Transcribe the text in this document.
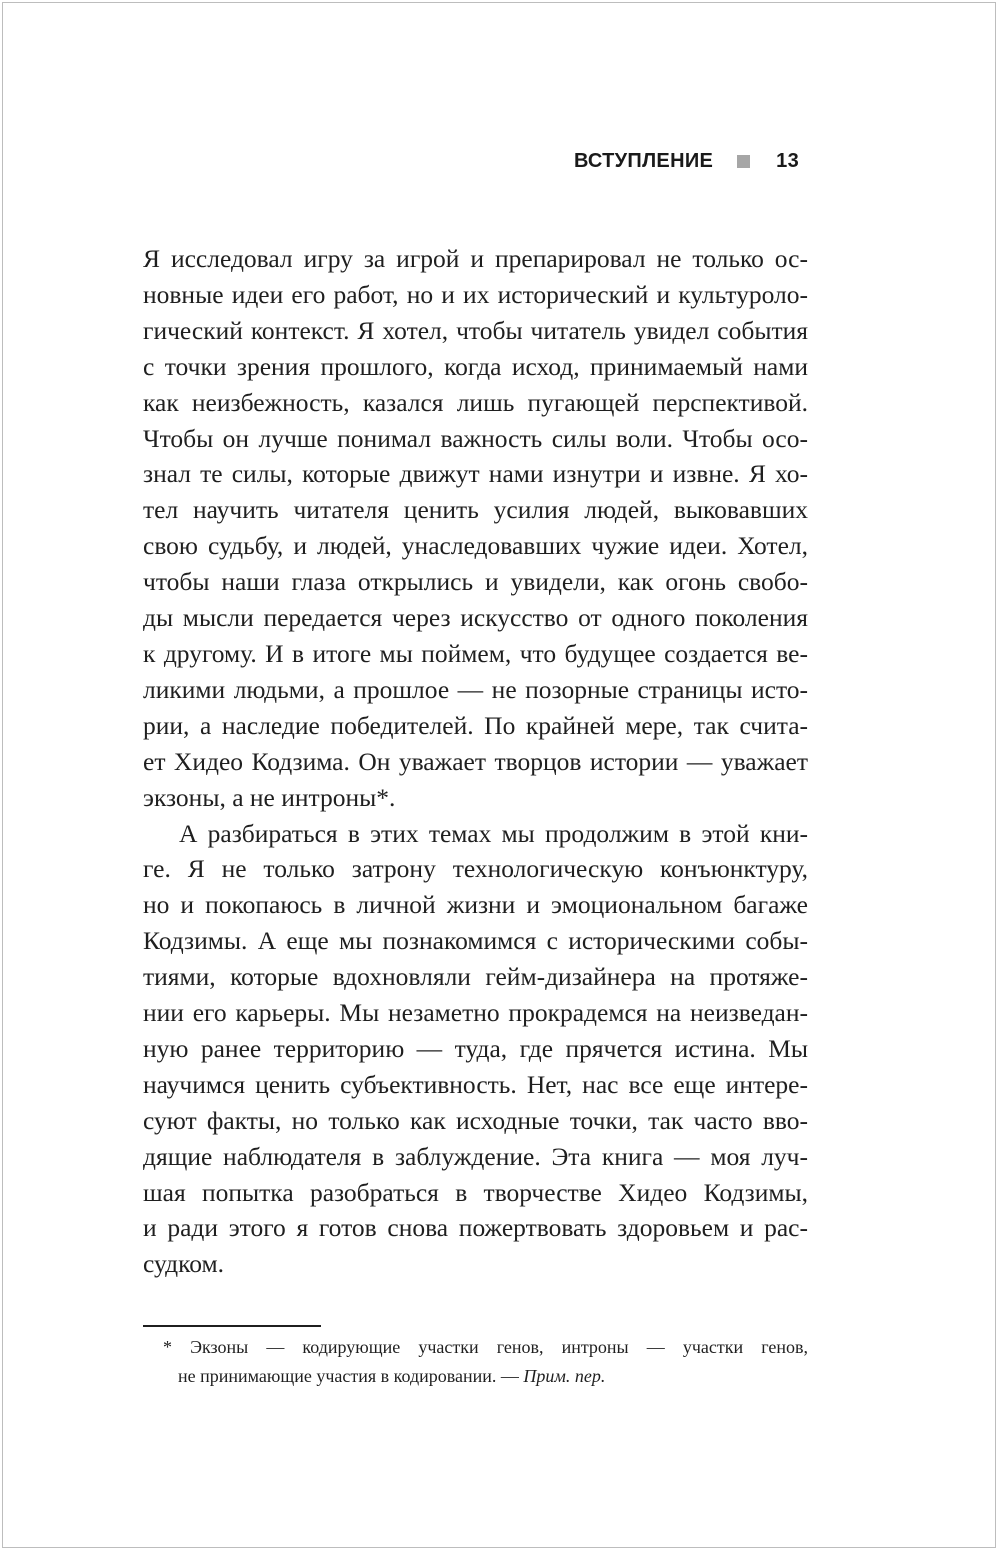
ВСТУПЛЕНИЕ	13
Я исследовал игру за игрой и препарировал не только ос-
новные идеи его работ, но и их исторический и культуроло-
гический контекст. Я хотел, чтобы читатель увидел события
с точки зрения прошлого, когда исход, принимаемый нами
как неизбежность, казался лишь пугающей перспективой.
Чтобы он лучше понимал важность силы воли. Чтобы осо-
знал те силы, которые движут нами изнутри и извне. Я хо-
тел научить читателя ценить усилия людей, выковавших
свою судьбу, и людей, унаследовавших чужие идеи. Хотел,
чтобы наши глаза открылись и увидели, как огонь свобо-
ды мысли передается через искусство от одного поколения
к другому. И в итоге мы поймем, что будущее создается ве-
ликими людьми, а прошлое — не позорные страницы исто-
рии, а наследие победителей. По крайней мере, так счита-
ет Хидео Кодзима. Он уважает творцов истории — уважает
экзоны, а не интроны*.
А разбираться в этих темах мы продолжим в этой кни-
ге. Я не только затрону технологическую конъюнктуру,
но и покопаюсь в личной жизни и эмоциональном багаже
Кодзимы. А еще мы познакомимся с историческими собы-
тиями, которые вдохновляли гейм-дизайнера на протяже-
нии его карьеры. Мы незаметно прокрадемся на неизведан-
ную ранее территорию — туда, где прячется истина. Мы
научимся ценить субъективность. Нет, нас все еще интере-
суют факты, но только как исходные точки, так часто вво-
дящие наблюдателя в заблуждение. Эта книга — моя луч-
шая попытка разобраться в творчестве Хидео Кодзимы,
и ради этого я готов снова пожертвовать здоровьем и рас-
судком.
* Экзоны — кодирующие участки генов, интроны — участки генов,
не принимающие участия в кодировании. — Прим. пер.
